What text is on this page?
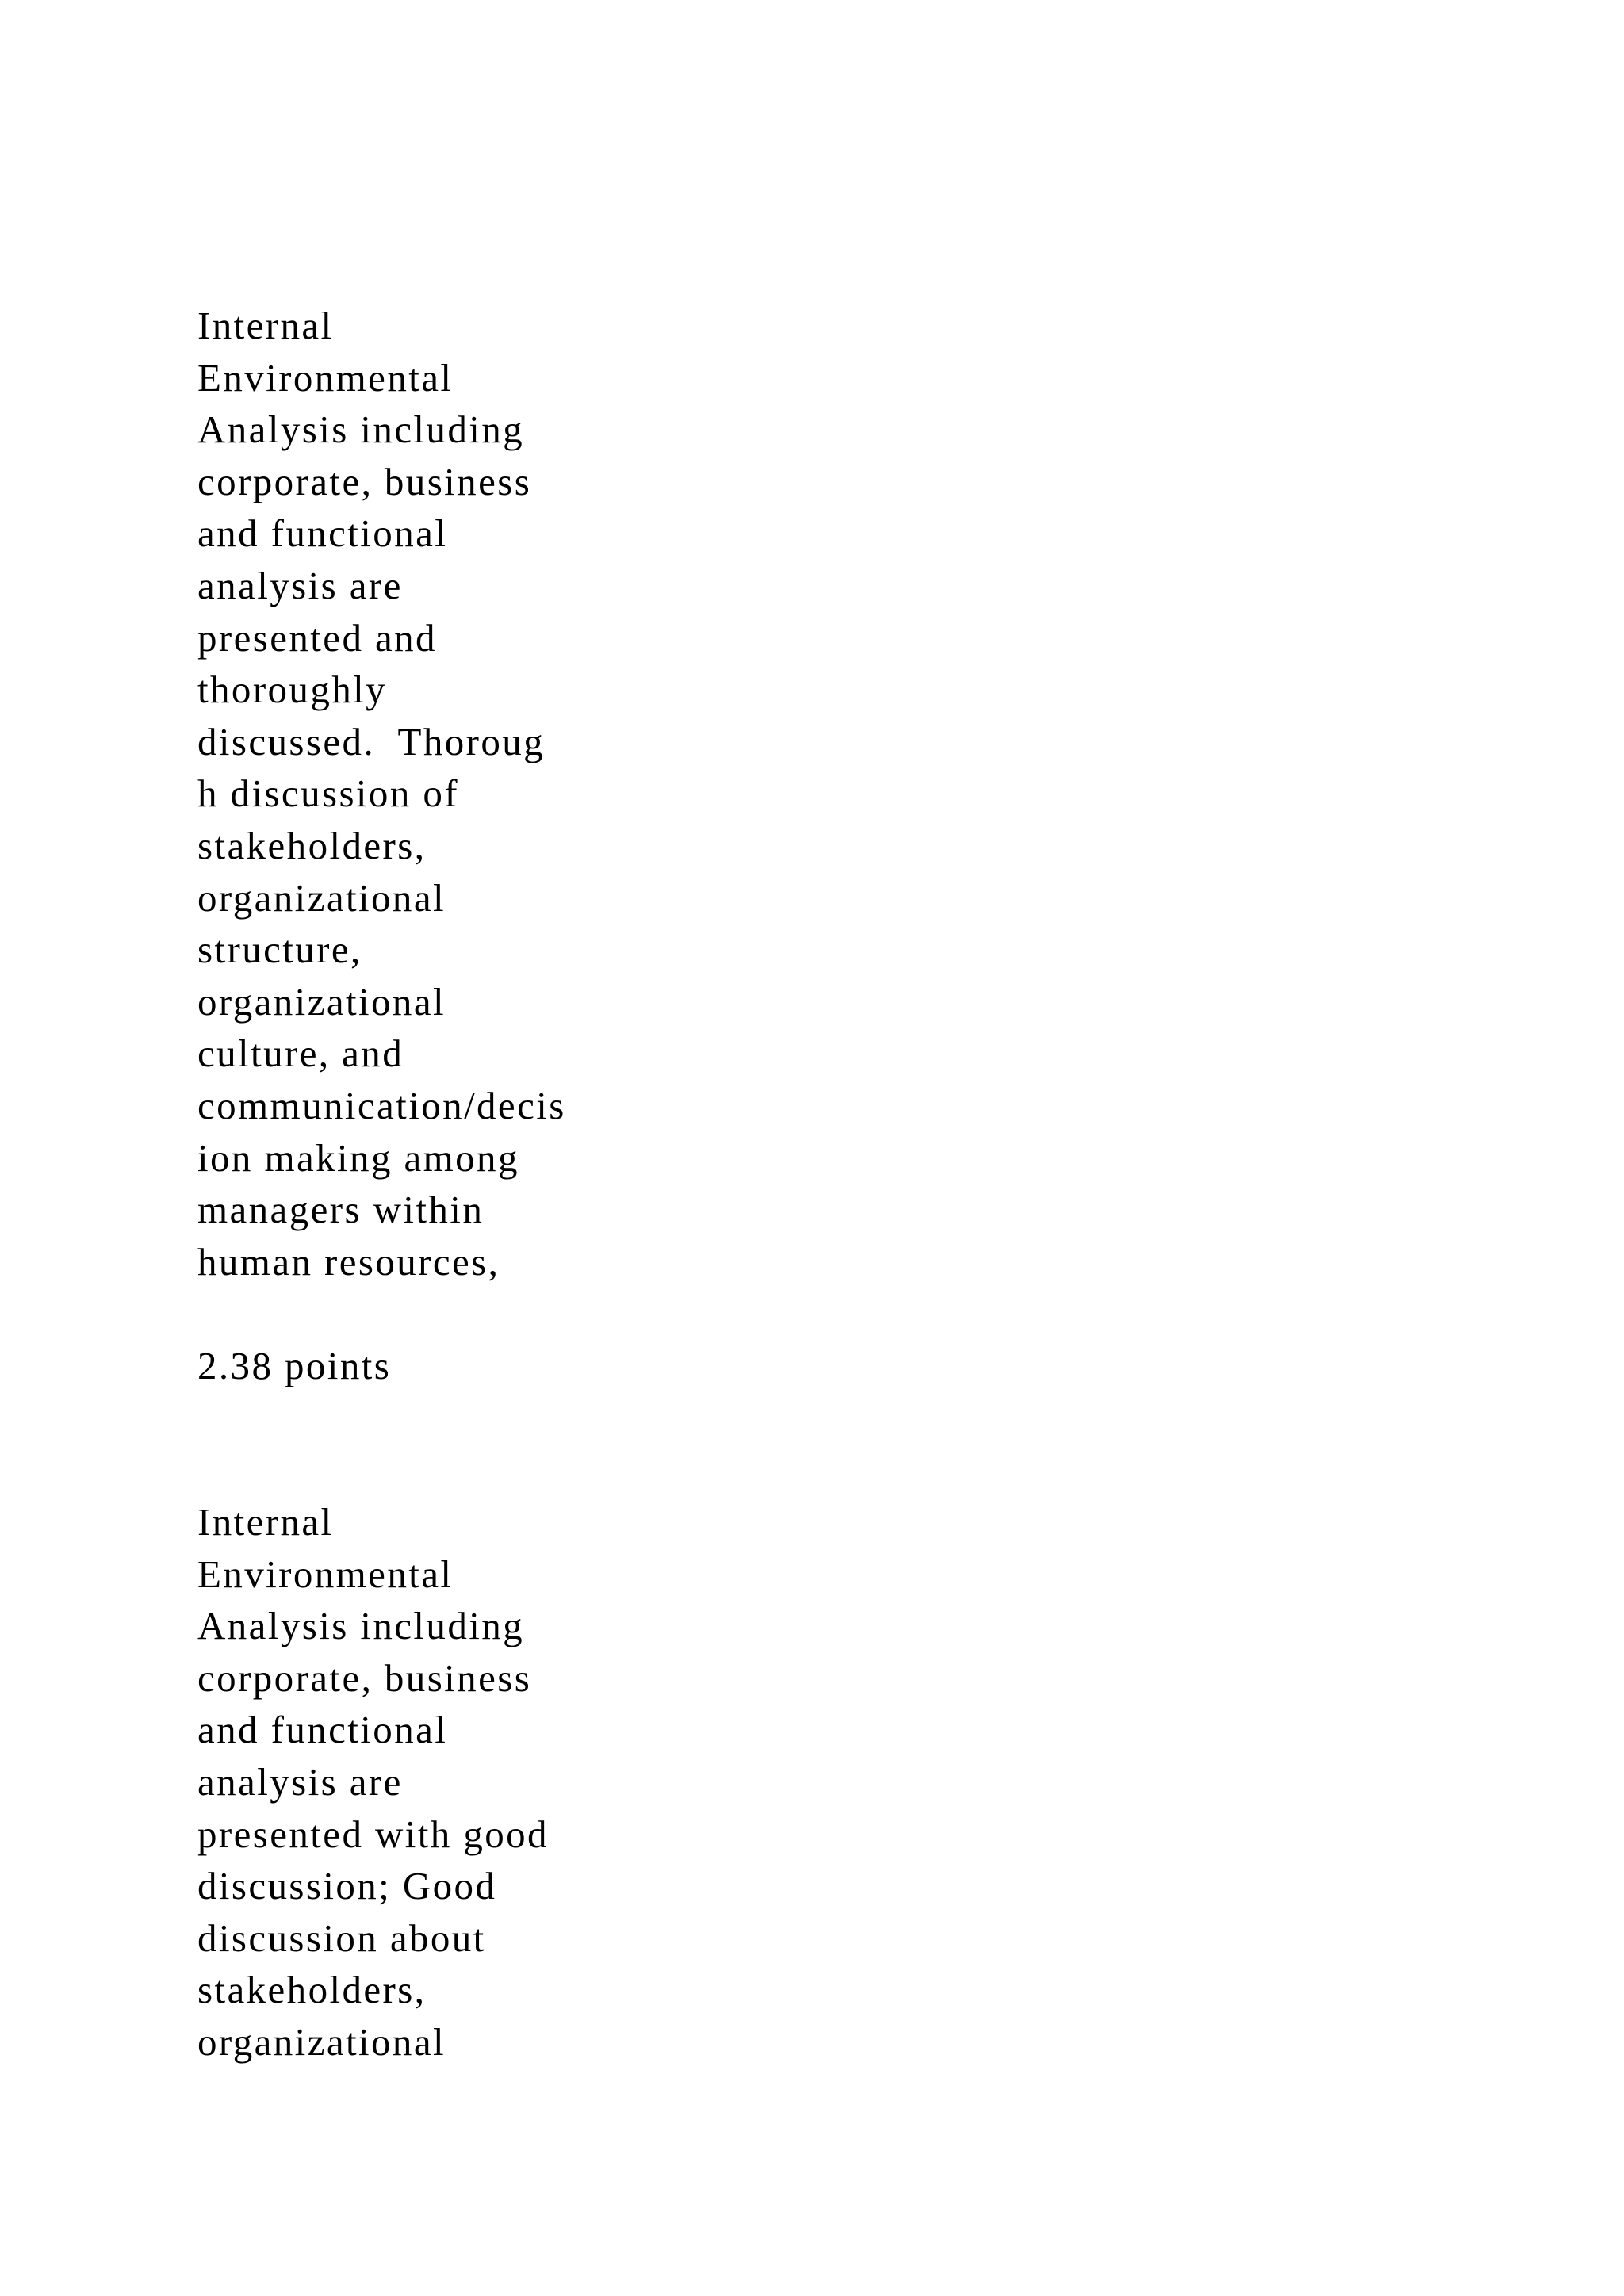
Internal
Environmental
Analysis including
corporate, business
and functional
analysis are
presented and
thoroughly
discussed.  Thoroug
h discussion of
stakeholders,
organizational
structure,
organizational
culture, and
communication/decis
ion making among
managers within
human resources,

2.38 points

Internal
Environmental
Analysis including
corporate, business
and functional
analysis are
presented with good
discussion; Good
discussion about
stakeholders,
organizational
